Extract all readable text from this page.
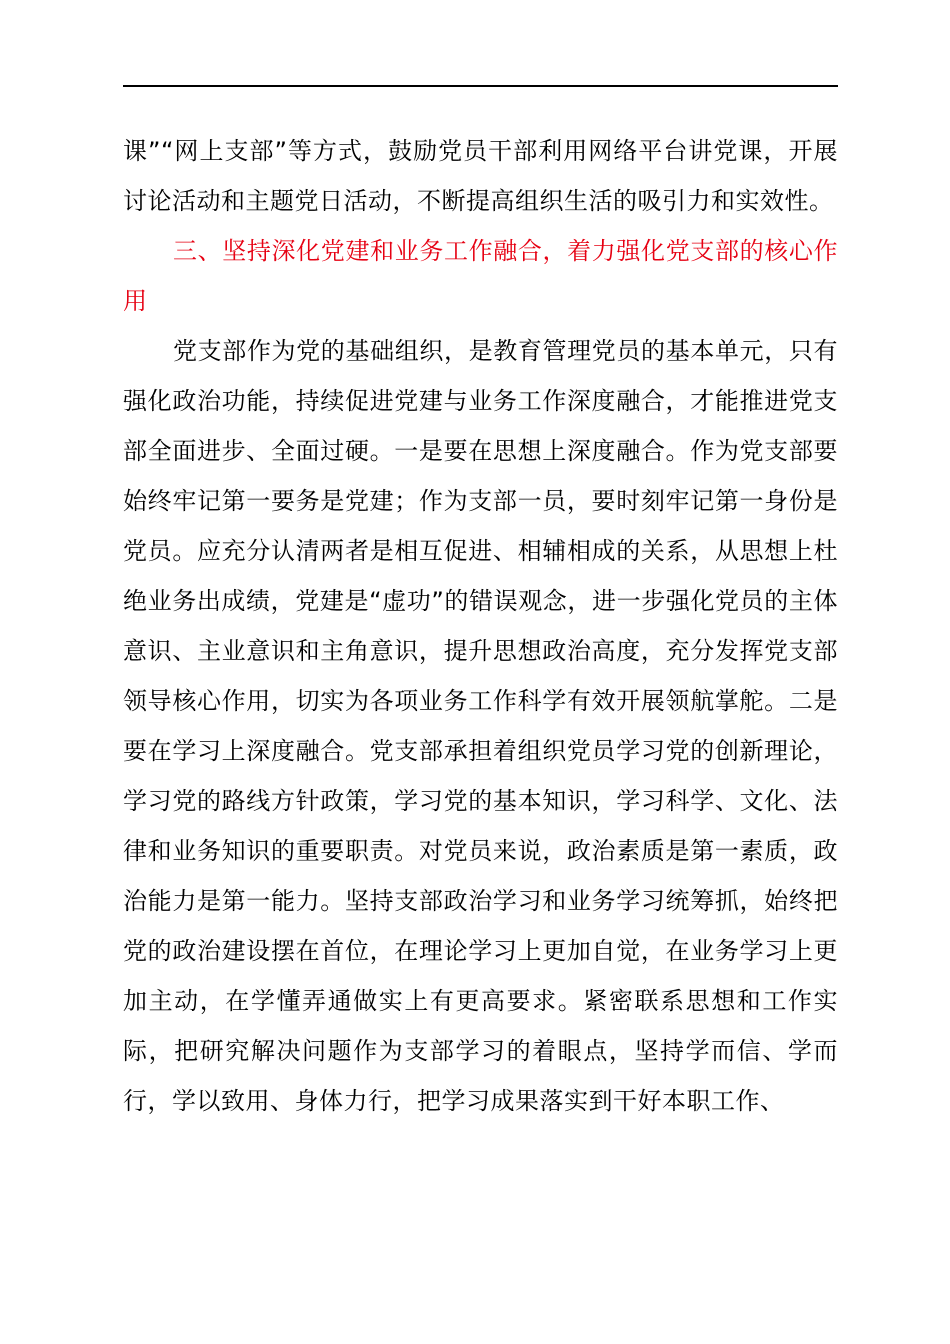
课”“网上支部”等方式，鼓励党员干部利用网络平台讲党课，开展讨论活动和主题党日活动，不断提高组织生活的吸引力和实效性。

三、坚持深化党建和业务工作融合，着力强化党支部的核心作用

党支部作为党的基础组织，是教育管理党员的基本单元，只有强化政治功能，持续促进党建与业务工作深度融合，才能推进党支部全面进步、全面过硬。一是要在思想上深度融合。作为党支部要始终牢记第一要务是党建；作为支部一员，要时刻牢记第一身份是党员。应充分认清两者是相互促进、相辅相成的关系，从思想上杜绝业务出成绩，党建是“虚功”的错误观念，进一步强化党员的主体意识、主业意识和主角意识，提升思想政治高度，充分发挥党支部领导核心作用，切实为各项业务工作科学有效开展领航掌舵。二是要在学习上深度融合。党支部承担着组织党员学习党的创新理论，学习党的路线方针政策，学习党的基本知识，学习科学、文化、法律和业务知识的重要职责。对党员来说，政治素质是第一素质，政治能力是第一能力。坚持支部政治学习和业务学习统筹抓，始终把党的政治建设摆在首位，在理论学习上更加自觉，在业务学习上更加主动，在学懂弄通做实上有更高要求。紧密联系思想和工作实际，把研究解决问题作为支部学习的着眼点，坚持学而信、学而行，学以致用、身体力行，把学习成果落实到干好本职工作、
